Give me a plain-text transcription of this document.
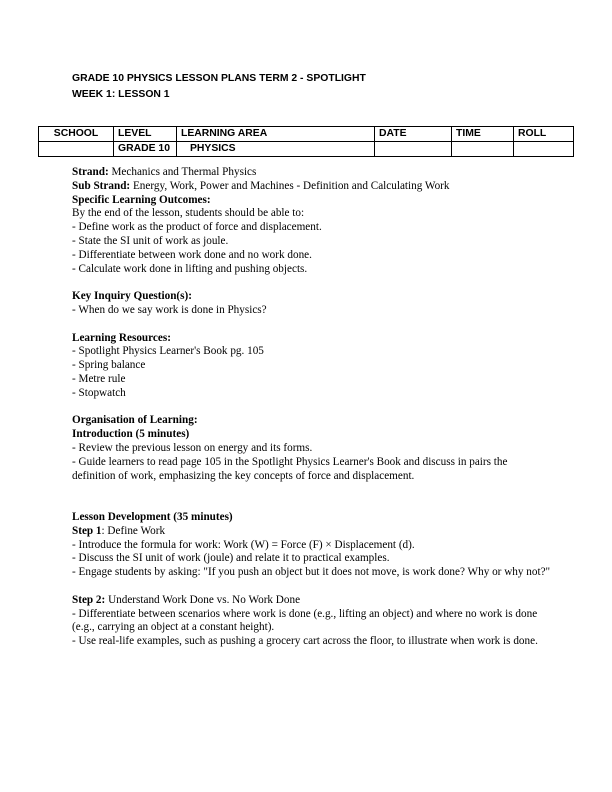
GRADE 10 PHYSICS LESSON PLANS TERM 2 - SPOTLIGHT
WEEK 1: LESSON 1
SCHOOL	LEVEL	LEARNING AREA	DATE	TIME	ROLL
	GRADE 10	PHYSICS			

Strand: Mechanics and Thermal Physics

Sub Strand: Energy, Work, Power and Machines - Definition and Calculating Work

Specific Learning Outcomes:

By the end of the lesson, students should be able to:

- Define work as the product of force and displacement.

- State the SI unit of work as joule.

- Differentiate between work done and no work done.

- Calculate work done in lifting and pushing objects.

Key Inquiry Question(s):

- When do we say work is done in Physics?

Learning Resources:

- Spotlight Physics Learner's Book pg. 105

- Spring balance

- Metre rule

- Stopwatch

Organisation of Learning:

Introduction (5 minutes)

- Review the previous lesson on energy and its forms.

- Guide learners to read page 105 in the Spotlight Physics Learner's Book and discuss in pairs the definition of work, emphasizing the key concepts of force and displacement.

Lesson Development (35 minutes)

Step 1: Define Work

- Introduce the formula for work: Work (W) = Force (F) × Displacement (d).

- Discuss the SI unit of work (joule) and relate it to practical examples.

- Engage students by asking: "If you push an object but it does not move, is work done? Why or why not?"

Step 2: Understand Work Done vs. No Work Done

- Differentiate between scenarios where work is done (e.g., lifting an object) and where no work is done (e.g., carrying an object at a constant height).

- Use real-life examples, such as pushing a grocery cart across the floor, to illustrate when work is done.
